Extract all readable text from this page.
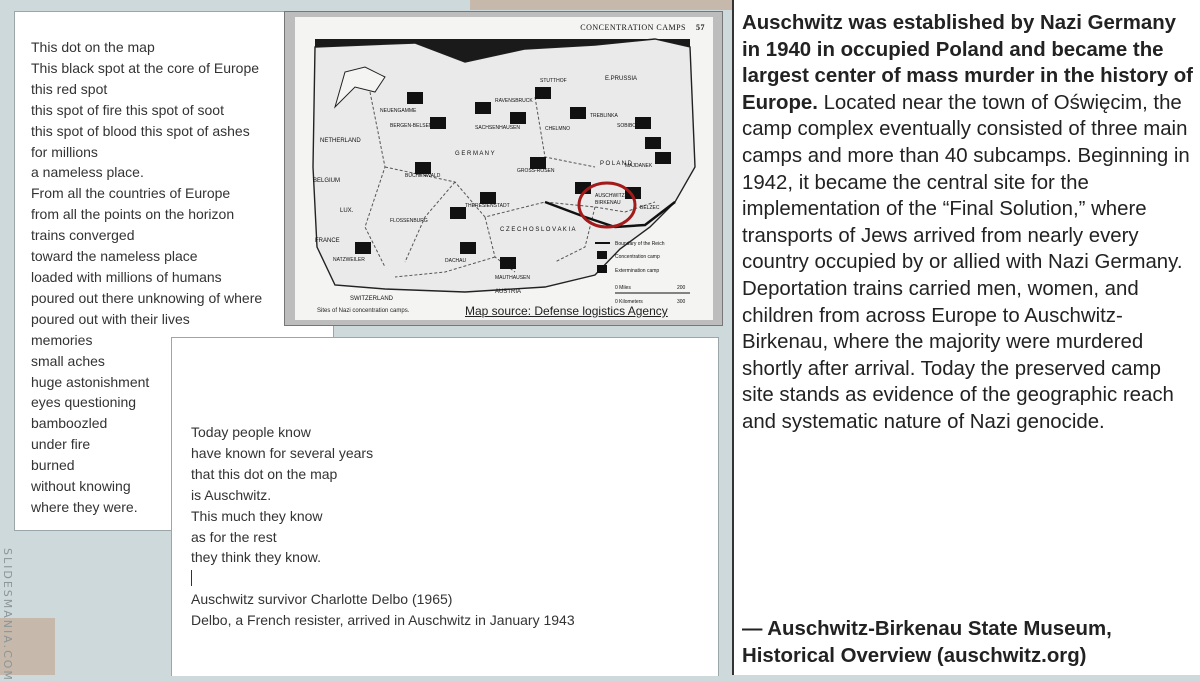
SLIDESMANIA.COM
This dot on the map
This black spot at the core of Europe
this red spot
this spot of fire this spot of soot
this spot of blood this spot of ashes
for millions
a nameless place.
From all the countries of Europe
from all the points on the horizon
trains converged
toward the nameless place
loaded with millions of humans
poured out there unknowing of where
poured out with their lives
memories
small aches
huge astonishment
eyes questioning
bamboozled
under fire
burned
without knowing
where they were.
CONCENTRATION CAMPS 57
G E R M A N Y
P O L A N D
C Z E C H O S L O V A K I A
AUSTRIA
SWITZERLAND
FRANCE
BELGIUM
NETHERLAND
LUX.
E.PRUSSIA
NEUENGAMME
RAVENSBRUCK
STUTTHOF
BERGEN-BELSEN	SACHSENHAUSEN
TREBLINKA
CHELMNO	SOBIBOR
MAJDANEK
BUCHENWALD
GROSS-ROSEN
AUSCHWITZ-
BIRKENAU
BELZEC
THERESIENSTADT
FLOSSENBURG
NATZWEILER	DACHAU
MAUTHAUSEN
Boundary of the Reich
Concentration camp
Extermination camp
0 Miles	200
0 Kilometers	300
Sites of Nazi concentration camps.	Map source: Defense logistics Agency
Today people know
have known for several years
that this dot on the map
is Auschwitz.
This much they know
as for the rest
they think they know.
Auschwitz survivor Charlotte Delbo (1965)
Delbo, a French resister, arrived in Auschwitz in January 1943
Auschwitz was established by Nazi Germany in 1940 in occupied Poland and became the largest center of mass murder in the history of Europe. Located near the town of Oświęcim, the camp complex eventually consisted of three main camps and more than 40 subcamps. Beginning in 1942, it became the central site for the implementation of the “Final Solution,” where transports of Jews arrived from nearly every country occupied by or allied with Nazi Germany. Deportation trains carried men, women, and children from across Europe to Auschwitz-Birkenau, where the majority were murdered shortly after arrival. Today the preserved camp site stands as evidence of the geographic reach and systematic nature of Nazi genocide.
— Auschwitz-Birkenau State Museum, Historical Overview (auschwitz.org)
